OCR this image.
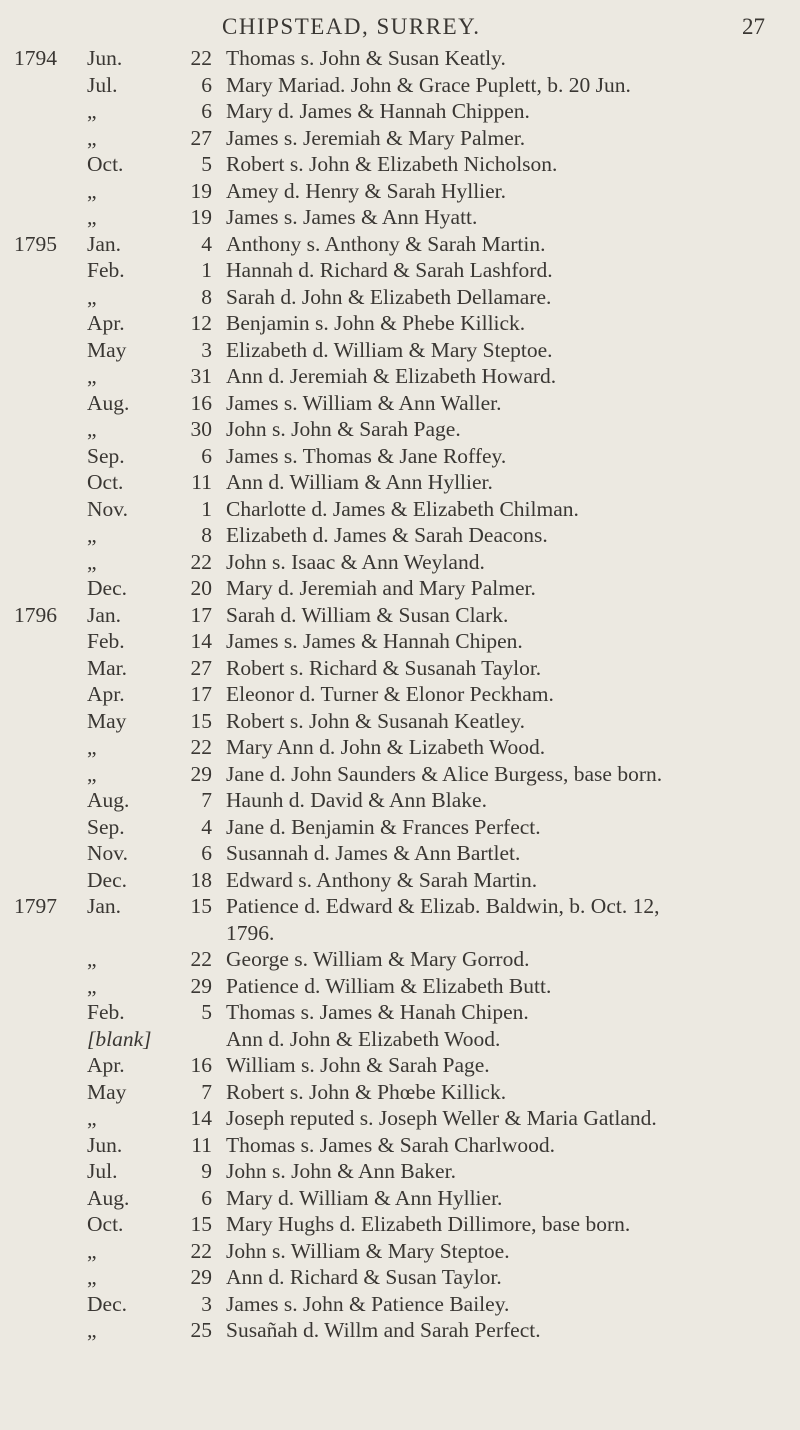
CHIPSTEAD, SURREY.	27
1794	Jun.	22 Thomas s. John & Susan Keatly.
Jul.	6 Mary Mariad. John & Grace Puplett, b. 20 Jun.
„	6 Mary d. James & Hannah Chippen.
„	27 James s. Jeremiah & Mary Palmer.
Oct.	5 Robert s. John & Elizabeth Nicholson.
„	19 Amey d. Henry & Sarah Hyllier.
„	19 James s. James & Ann Hyatt.
1795	Jan.	4 Anthony s. Anthony & Sarah Martin.
Feb.	1 Hannah d. Richard & Sarah Lashford.
„	8 Sarah d. John & Elizabeth Dellamare.
Apr.	12 Benjamin s. John & Phebe Killick.
May	3 Elizabeth d. William & Mary Steptoe.
„	31 Ann d. Jeremiah & Elizabeth Howard.
Aug.	16 James s. William & Ann Waller.
„	30 John s. John & Sarah Page.
Sep.	6 James s. Thomas & Jane Roffey.
Oct.	11 Ann d. William & Ann Hyllier.
Nov.	1 Charlotte d. James & Elizabeth Chilman.
„	8 Elizabeth d. James & Sarah Deacons.
„	22 John s. Isaac & Ann Weyland.
Dec.	20 Mary d. Jeremiah and Mary Palmer.
1796	Jan.	17 Sarah d. William & Susan Clark.
Feb.	14 James s. James & Hannah Chipen.
Mar.	27 Robert s. Richard & Susanah Taylor.
Apr.	17 Eleonor d. Turner & Elonor Peckham.
May	15 Robert s. John & Susanah Keatley.
„	22 Mary Ann d. John & Lizabeth Wood.
„	29 Jane d. John Saunders & Alice Burgess, base born.
Aug.	7 Haunh d. David & Ann Blake.
Sep.	4 Jane d. Benjamin & Frances Perfect.
Nov.	6 Susannah d. James & Ann Bartlet.
Dec.	18 Edward s. Anthony & Sarah Martin.
1797	Jan.	15 Patience d. Edward & Elizab. Baldwin, b. Oct. 12,
1796.
„	22 George s. William & Mary Gorrod.
„	29 Patience d. William & Elizabeth Butt.
Feb.	5 Thomas s. James & Hanah Chipen.
[blank]	Ann d. John & Elizabeth Wood.
Apr.	16 William s. John & Sarah Page.
May	7 Robert s. John & Phœbe Killick.
„	14 Joseph reputed s. Joseph Weller & Maria Gatland.
Jun.	11 Thomas s. James & Sarah Charlwood.
Jul.	9 John s. John & Ann Baker.
Aug.	6 Mary d. William & Ann Hyllier.
Oct.	15 Mary Hughs d. Elizabeth Dillimore, base born.
„	22 John s. William & Mary Steptoe.
„	29 Ann d. Richard & Susan Taylor.
Dec.	3 James s. John & Patience Bailey.
„	25 Susañah d. Willm and Sarah Perfect.
